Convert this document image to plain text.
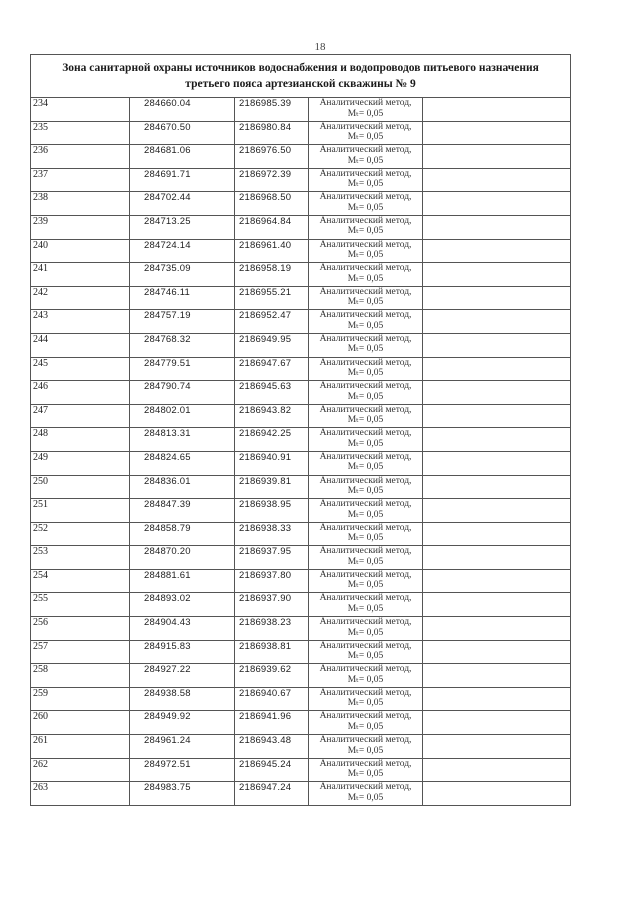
18
Зона санитарной охраны источников водоснабжения и водопроводов питьевого назначения третьего пояса артезианской скважины № 9				
234	284660.04	2186985.39	Аналитический метод,
Mₜ= 0,05	

235	284670.50	2186980.84	Аналитический метод,
Mₜ= 0,05	

236	284681.06	2186976.50	Аналитический метод,
Mₜ= 0,05	

237	284691.71	2186972.39	Аналитический метод,
Mₜ= 0,05	

238	284702.44	2186968.50	Аналитический метод,
Mₜ= 0,05	

239	284713.25	2186964.84	Аналитический метод,
Mₜ= 0,05	

240	284724.14	2186961.40	Аналитический метод,
Mₜ= 0,05	

241	284735.09	2186958.19	Аналитический метод,
Mₜ= 0,05	

242	284746.11	2186955.21	Аналитический метод,
Mₜ= 0,05	

243	284757.19	2186952.47	Аналитический метод,
Mₜ= 0,05	

244	284768.32	2186949.95	Аналитический метод,
Mₜ= 0,05	

245	284779.51	2186947.67	Аналитический метод,
Mₜ= 0,05	

246	284790.74	2186945.63	Аналитический метод,
Mₜ= 0,05	

247	284802.01	2186943.82	Аналитический метод,
Mₜ= 0,05	

248	284813.31	2186942.25	Аналитический метод,
Mₜ= 0,05	

249	284824.65	2186940.91	Аналитический метод,
Mₜ= 0,05	

250	284836.01	2186939.81	Аналитический метод,
Mₜ= 0,05	

251	284847.39	2186938.95	Аналитический метод,
Mₜ= 0,05	

252	284858.79	2186938.33	Аналитический метод,
Mₜ= 0,05	

253	284870.20	2186937.95	Аналитический метод,
Mₜ= 0,05	

254	284881.61	2186937.80	Аналитический метод,
Mₜ= 0,05	

255	284893.02	2186937.90	Аналитический метод,
Mₜ= 0,05	

256	284904.43	2186938.23	Аналитический метод,
Mₜ= 0,05	

257	284915.83	2186938.81	Аналитический метод,
Mₜ= 0,05	

258	284927.22	2186939.62	Аналитический метод,
Mₜ= 0,05	

259	284938.58	2186940.67	Аналитический метод,
Mₜ= 0,05	

260	284949.92	2186941.96	Аналитический метод,
Mₜ= 0,05	

261	284961.24	2186943.48	Аналитический метод,
Mₜ= 0,05	

262	284972.51	2186945.24	Аналитический метод,
Mₜ= 0,05	

263	284983.75	2186947.24	Аналитический метод,
Mₜ= 0,05	
